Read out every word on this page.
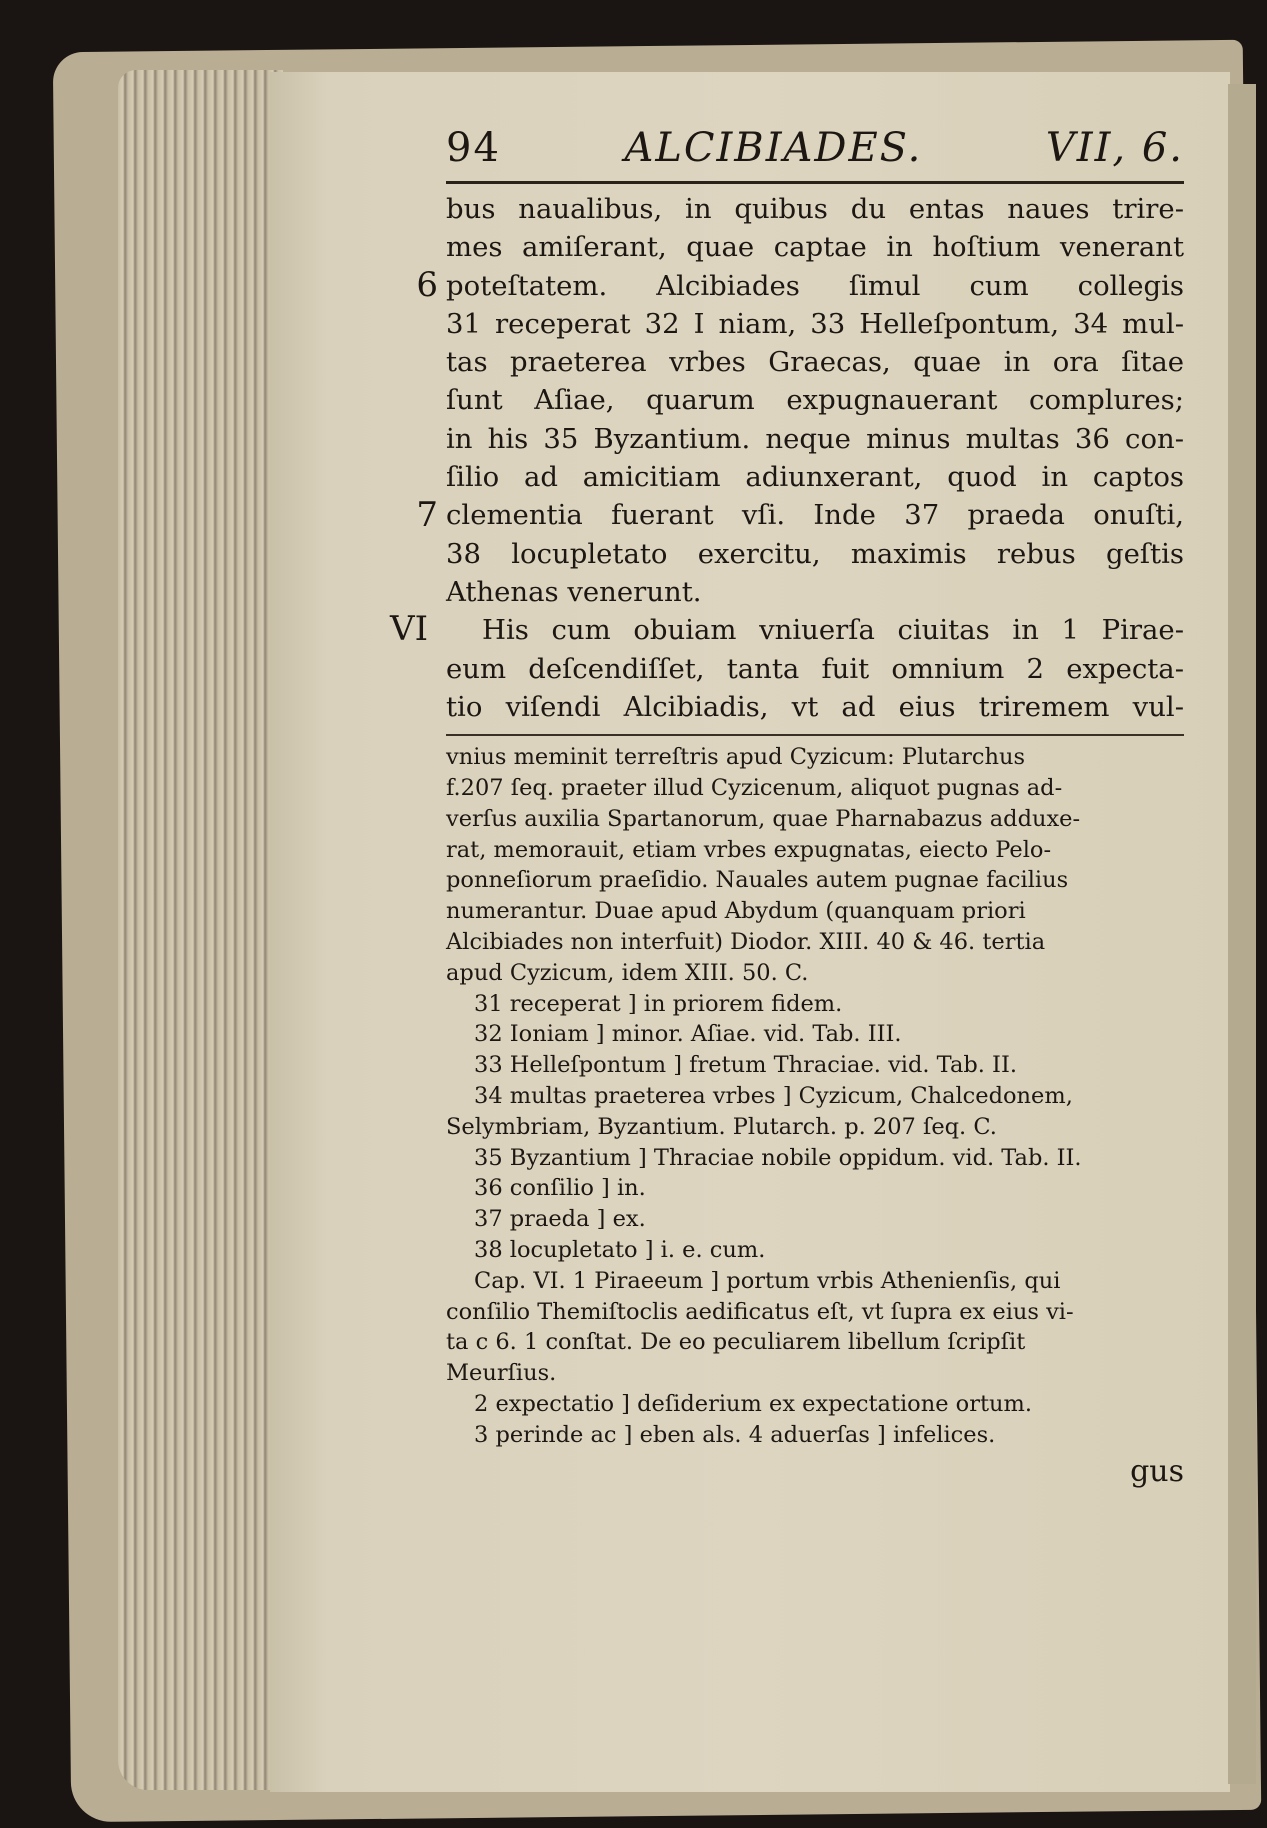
94	ALCIBIADES.	VII, 6.
6
7
VI
bus naualibus, in quibus du entas naues trire-
mes amiſerant, quae captae in hoſtium venerant
poteſtatem. Alcibiades ſimul cum collegis
31 receperat 32 I niam, 33 Helleſpontum, 34 mul-
tas praeterea vrbes Graecas, quae in ora ſitae
ſunt Aſiae, quarum expugnauerant complures;
in his 35 Byzantium. neque minus multas 36 con-
ſilio ad amicitiam adiunxerant, quod in captos
clementia fuerant vſi. Inde 37 praeda onuſti,
38 locupletato exercitu, maximis rebus geſtis
Athenas venerunt.
His cum obuiam vniuerſa ciuitas in 1 Pirae-
eum deſcendiſſet, tanta fuit omnium 2 expecta-
tio viſendi Alcibiadis, vt ad eius triremem vul-
vnius meminit terreſtris apud Cyzicum: Plutarchus
f.207 ſeq. praeter illud Cyzicenum, aliquot pugnas ad-
verſus auxilia Spartanorum, quae Pharnabazus adduxe-
rat, memorauit, etiam vrbes expugnatas, eiecto Pelo-
ponneſiorum praeſidio. Nauales autem pugnae facilius
numerantur. Duae apud Abydum (quanquam priori
Alcibiades non interfuit) Diodor. XIII. 40 & 46. tertia
apud Cyzicum, idem XIII. 50. C.
31 receperat ] in priorem fidem.
32 Ioniam ] minor. Aſiae. vid. Tab. III.
33 Helleſpontum ] fretum Thraciae. vid. Tab. II.
34 multas praeterea vrbes ] Cyzicum, Chalcedonem,
Selymbriam, Byzantium. Plutarch. p. 207 ſeq. C.
35 Byzantium ] Thraciae nobile oppidum. vid. Tab. II.
36 conſilio ] in.
37 praeda ] ex.
38 locupletato ] i. e. cum.
Cap. VI. 1 Piraeeum ] portum vrbis Athenienſis, qui
conſilio Themiſtoclis aedificatus eſt, vt ſupra ex eius vi-
ta c 6. 1 conſtat. De eo peculiarem libellum ſcripſit
Meurſius.
2 expectatio ] deſiderium ex expectatione ortum.
3 perinde ac ] eben als. 4 aduerſas ] infelices.
gus
